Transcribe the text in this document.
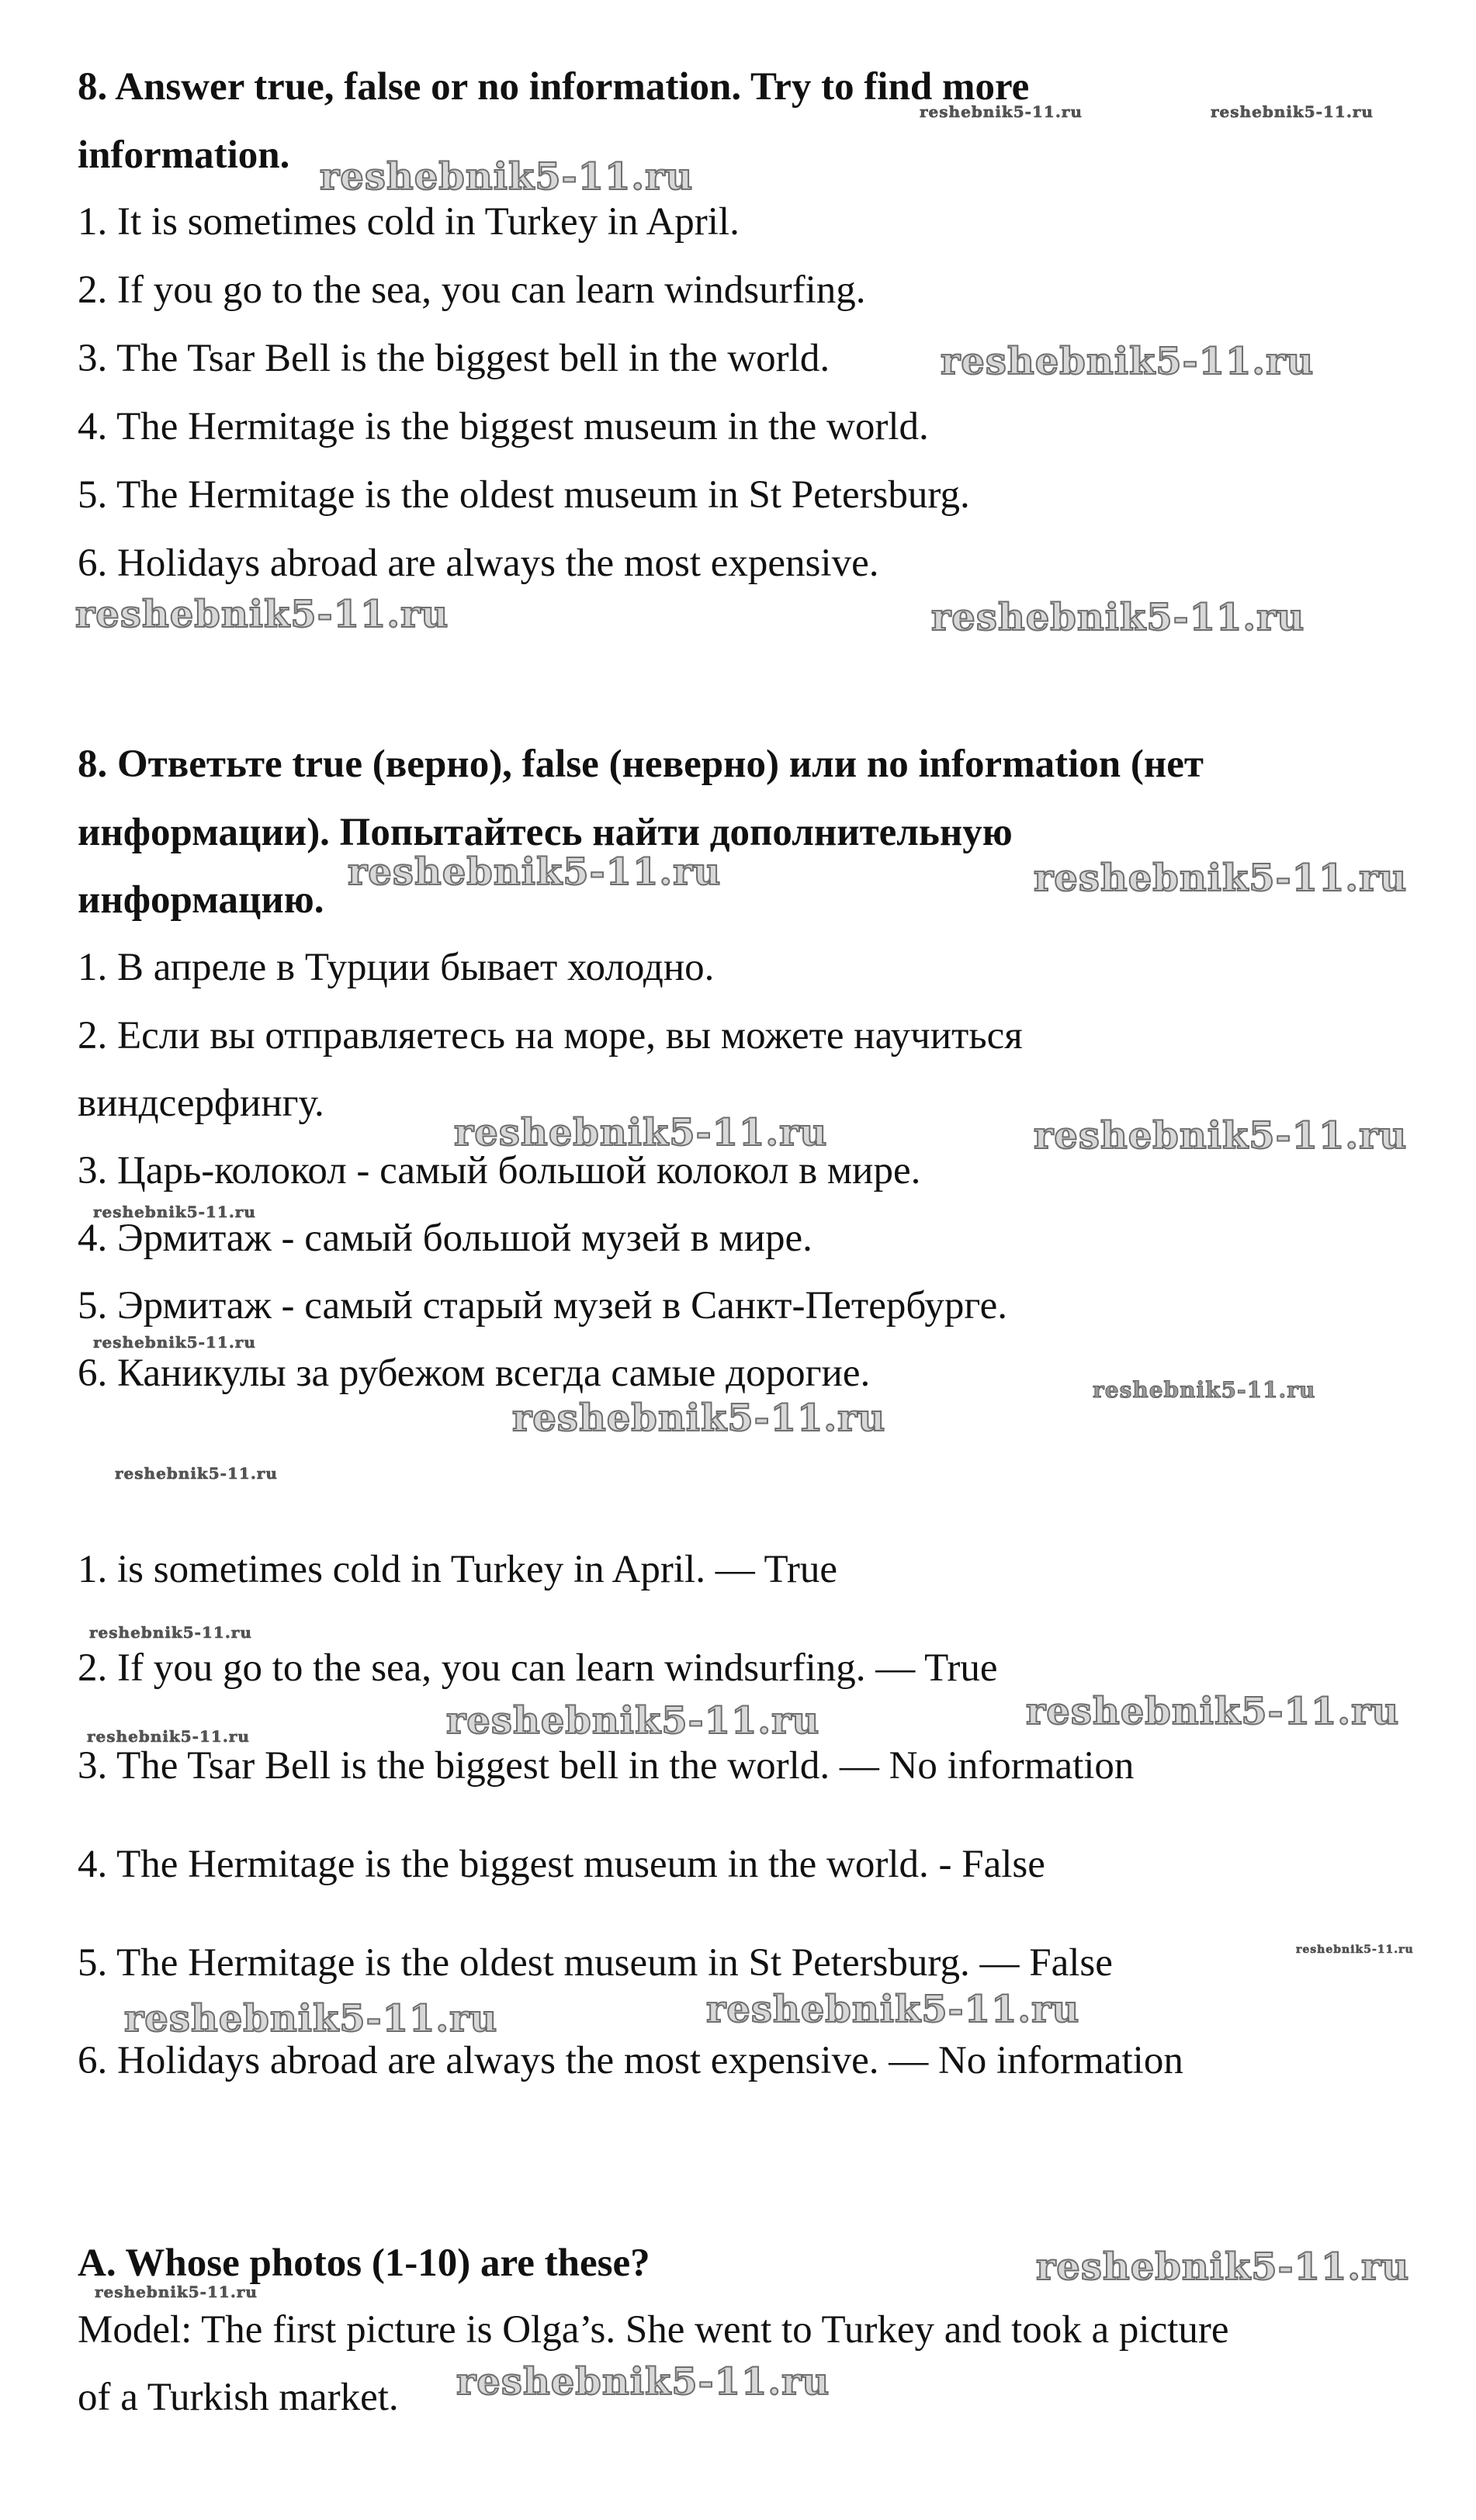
8. Answer true, false or no information. Try to find more
information.
1. It is sometimes cold in Turkey in April.
2. If you go to the sea, you can learn windsurfing.
3. The Tsar Bell is the biggest bell in the world.
4. The Hermitage is the biggest museum in the world.
5. The Hermitage is the oldest museum in St Petersburg.
6. Holidays abroad are always the most expensive.
8. Ответьте true (верно), false (неверно) или no information (нет
информации). Попытайтесь найти дополнительную
информацию.
1. В апреле в Турции бывает холодно.
2. Если вы отправляетесь на море, вы можете научиться
виндсерфингу.
3. Царь-колокол - самый большой колокол в мире.
4. Эрмитаж - самый большой музей в мире.
5. Эрмитаж - самый старый музей в Санкт-Петербурге.
6. Каникулы за рубежом всегда самые дорогие.
1. is sometimes cold in Turkey in April. — True
2. If you go to the sea, you can learn windsurfing. — True
3. The Tsar Bell is the biggest bell in the world. — No information
4. The Hermitage is the biggest museum in the world. - False
5. The Hermitage is the oldest museum in St Petersburg. — False
6. Holidays abroad are always the most expensive. — No information
A. Whose photos (1-10) are these?
Model: The first picture is Olga’s. She went to Turkey and took a picture
of a Turkish market.
reshebnik5-11.ru	reshebnik5-11.ru
reshebnik5-11.ru
reshebnik5-11.ru
reshebnik5-11.ru	reshebnik5-11.ru
reshebnik5-11.ru	reshebnik5-11.ru
reshebnik5-11.ru	reshebnik5-11.ru
reshebnik5-11.ru
reshebnik5-11.ru
reshebnik5-11.ru
reshebnik5-11.ru
reshebnik5-11.ru
reshebnik5-11.ru
reshebnik5-11.ru	reshebnik5-11.ru
reshebnik5-11.ru
reshebnik5-11.ru
reshebnik5-11.ru	reshebnik5-11.ru
reshebnik5-11.ru
reshebnik5-11.ru
reshebnik5-11.ru
